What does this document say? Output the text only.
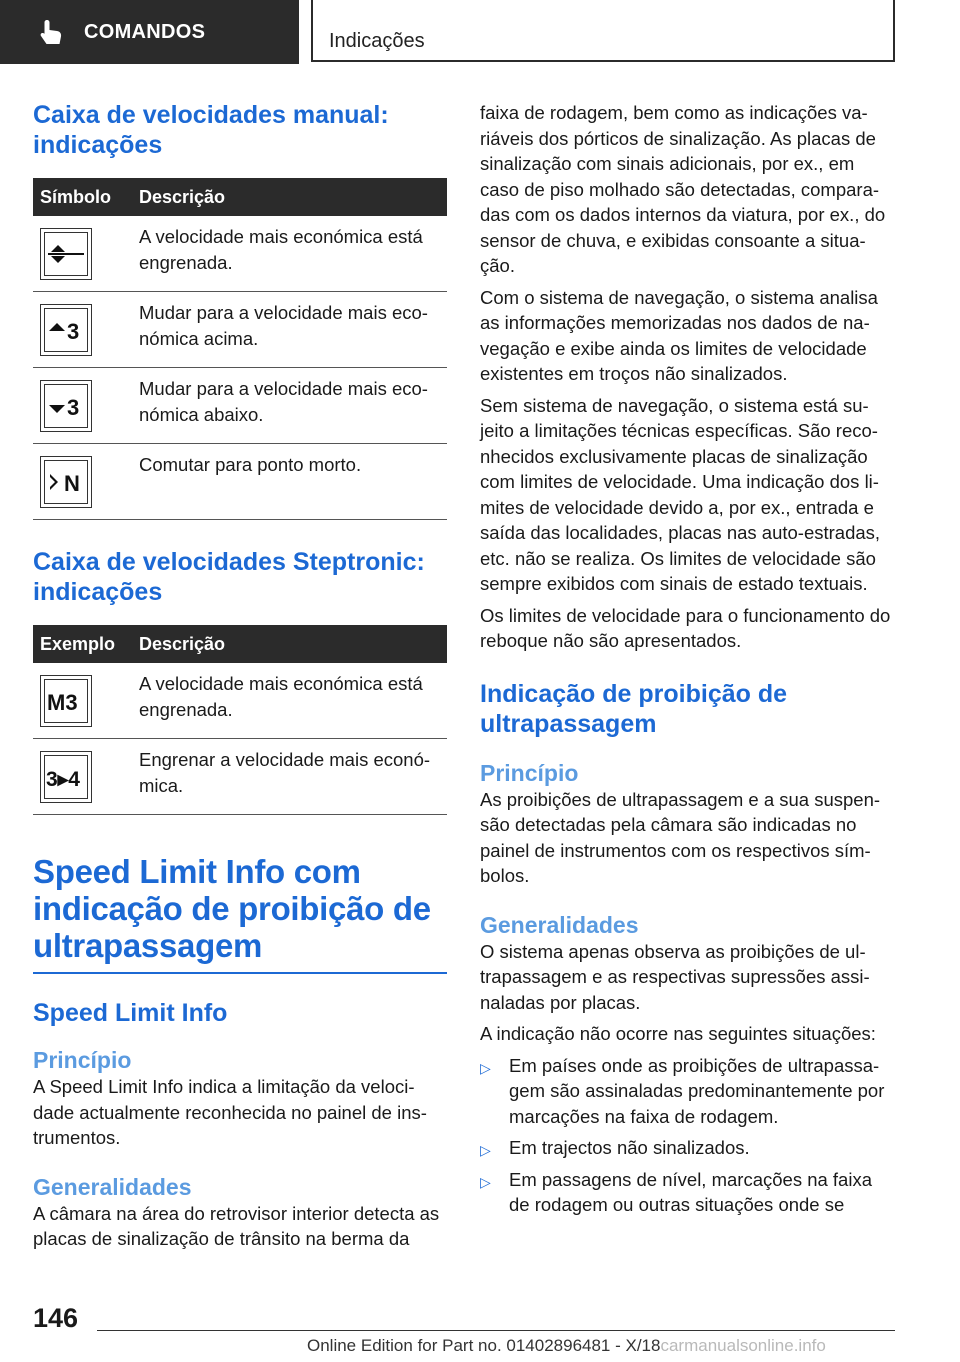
COMANDOS	Indicações
Caixa de velocidades manual: indicações
Símbolo	Descrição

	A velocidade mais económica está engrenada.

3	Mudar para a velocidade mais eco-nómica acima.

3	Mudar para a velocidade mais eco-nómica abaixo.

N	Comutar para ponto morto.
Caixa de velocidades Steptronic: indicações
Exemplo	Descrição

M3	A velocidade mais económica está engrenada.

3▸4	Engrenar a velocidade mais econó-mica.
Speed Limit Info com indicação de proibição de ultrapassagem
Speed Limit Info
Princípio

A Speed Limit Info indica a limitação da veloci-dade actualmente reconhecida no painel de ins-trumentos.

Generalidades

A câmara na área do retrovisor interior detecta as placas de sinalização de trânsito na berma da

faixa de rodagem, bem como as indicações va-riáveis dos pórticos de sinalização. As placas de sinalização com sinais adicionais, por ex., em caso de piso molhado são detectadas, compara-das com os dados internos da viatura, por ex., do sensor de chuva, e exibidas consoante a situa-ção.

Com o sistema de navegação, o sistema analisa as informações memorizadas nos dados de na-vegação e exibe ainda os limites de velocidade existentes em troços não sinalizados.

Sem sistema de navegação, o sistema está su-jeito a limitações técnicas específicas. São reco-nhecidos exclusivamente placas de sinalização com limites de velocidade. Uma indicação dos li-mites de velocidade devido a, por ex., entrada e saída das localidades, placas nas auto-estradas, etc. não se realiza. Os limites de velocidade são sempre exibidos com sinais de estado textuais.

Os limites de velocidade para o funcionamento do reboque não são apresentados.

Indicação de proibição de ultrapassagem
Princípio

As proibições de ultrapassagem e a sua suspen-são detectadas pela câmara são indicadas no painel de instrumentos com os respectivos sím-bolos.

Generalidades

O sistema apenas observa as proibições de ul-trapassagem e as respectivas supressões assi-naladas por placas.

A indicação não ocorre nas seguintes situações:

▷ Em países onde as proibições de ultrapassa-gem são assinaladas predominantemente por marcações na faixa de rodagem.
▷ Em trajectos não sinalizados.
▷ Em passagens de nível, marcações na faixa de rodagem ou outras situações onde se
146
Online Edition for Part no. 01402896481 - X/18carmanualsonline.info
